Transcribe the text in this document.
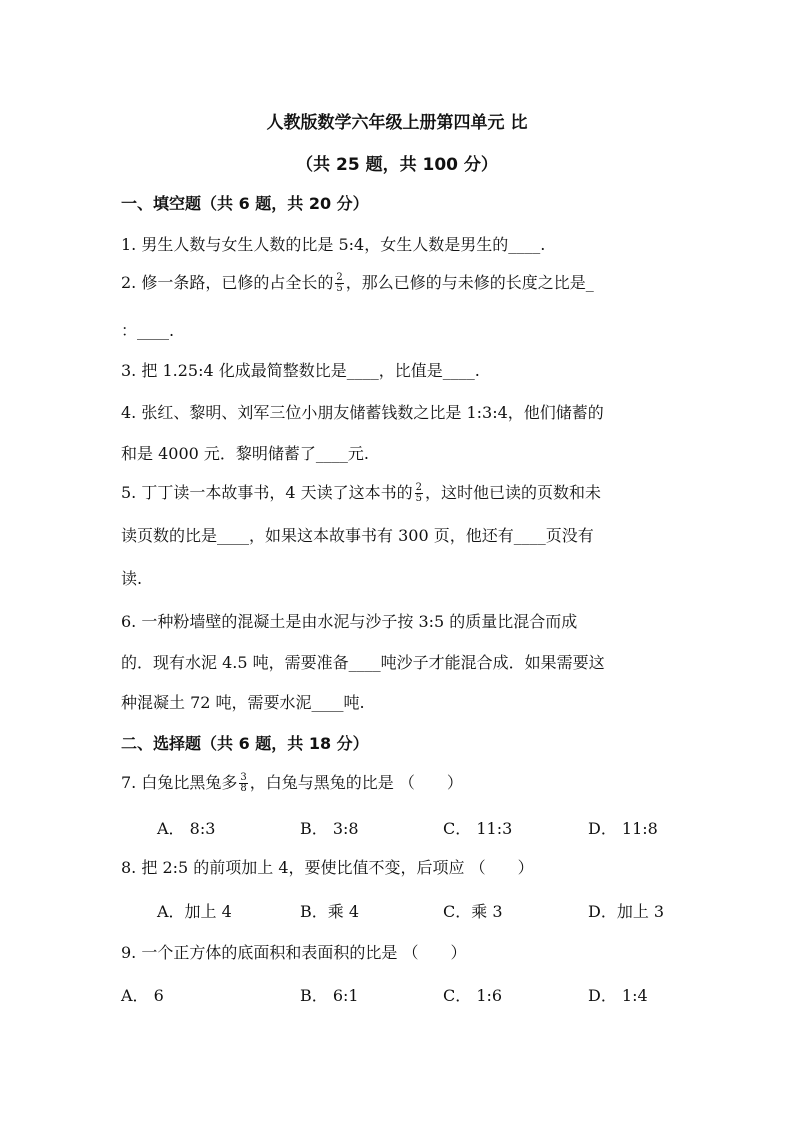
人教版数学六年级上册第四单元 比
（共 25 题，共 100 分）
一、填空题（共 6 题，共 20 分）
1. 男生人数与女生人数的比是 5:4，女生人数是男生的____.
2. 修一条路，已修的占全长的 $\frac{2}{5}$ ，那么已修的与未修的长度之比是_
：____.
3. 把 1.25:4 化成最简整数比是____，比值是____.
4. 张红、黎明、刘军三位小朋友储蓄钱数之比是 1:3:4，他们储蓄的
和是 4000 元．黎明储蓄了____元.
5. 丁丁读一本故事书，4 天读了这本书的 $\frac{2}{5}$ ，这时他已读的页数和未
读页数的比是____，如果这本故事书有 300 页，他还有____页没有
读.
6. 一种粉墙壁的混凝土是由水泥与沙子按 3:5 的质量比混合而成
的．现有水泥 4.5 吨，需要准备____吨沙子才能混合成．如果需要这
种混凝土 72 吨，需要水泥____吨.
二、选择题（共 6 题，共 18 分）
7. 白兔比黑兔多 $\frac{3}{8}$ ，白兔与黑兔的比是 （　　）
A． 8:3	B． 3:8	C． 11:3	D． 11:8
8. 把 2:5 的前项加上 4，要使比值不变，后项应 （　　）
A．加上 4	B．乘 4	C．乘 3	D．加上 3
9. 一个正方体的底面积和表面积的比是 （　　）
A． 6	B． 6:1	C． 1:6	D． 1:4
